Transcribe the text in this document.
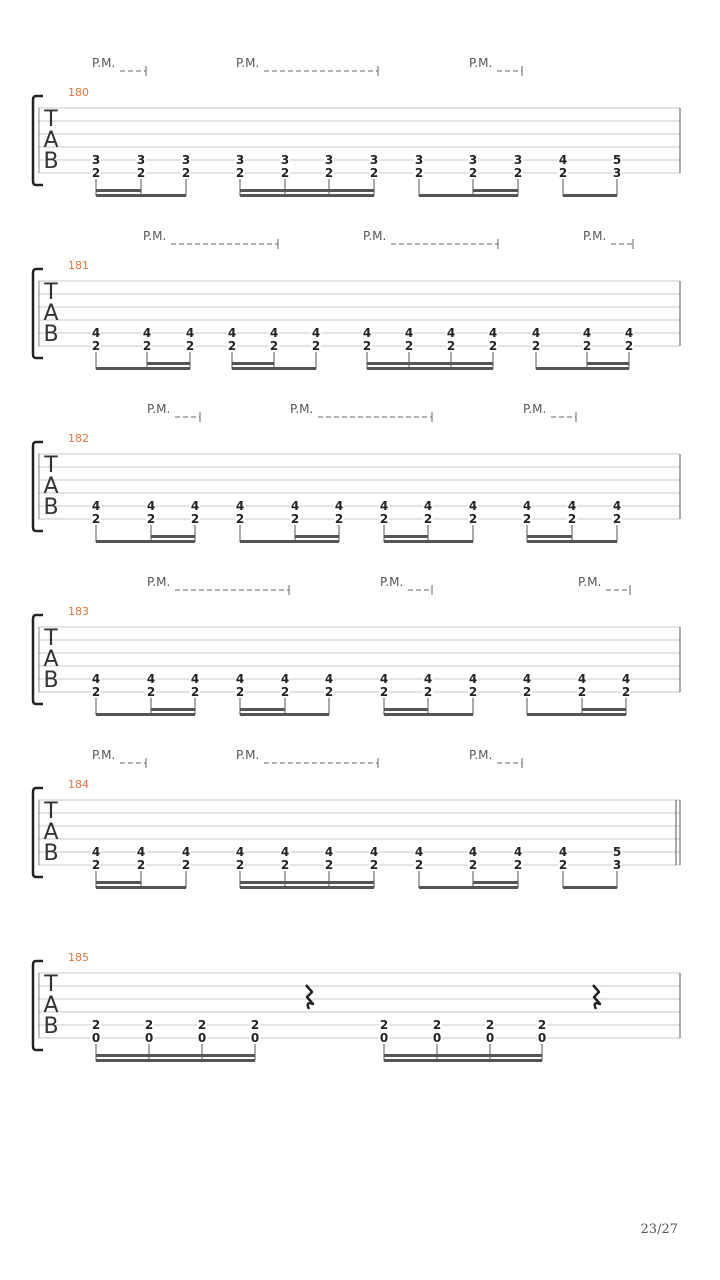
T
A
B
180
P.M.	P.M.	P.M.
3
2
3
2
3
2
3
2
3
2
3
2
3
2
3
2
3
2
3
2
4
2
5
3
T
A
B
181
P.M.	P.M.	P.M.
4
2
4
2
4
2
4
2
4
2
4
2
4
2
4
2
4
2
4
2
4
2
4
2
4
2
T
A
B
182
P.M.	P.M.	P.M.
4
2
4
2
4
2
4
2
4
2
4
2
4
2
4
2
4
2
4
2
4
2
4
2
T
A
B
183
P.M.	P.M.	P.M.
4
2
4
2
4
2
4
2
4
2
4
2
4
2
4
2
4
2
4
2
4
2
4
2
T
A
B
184
P.M.	P.M.	P.M.
4
2
4
2
4
2
4
2
4
2
4
2
4
2
4
2
4
2
4
2
4
2
5
3
T
A
B
185
2
0
2
0
2
0
2
0
2
0
2
0
2
0
2
0
23/27
